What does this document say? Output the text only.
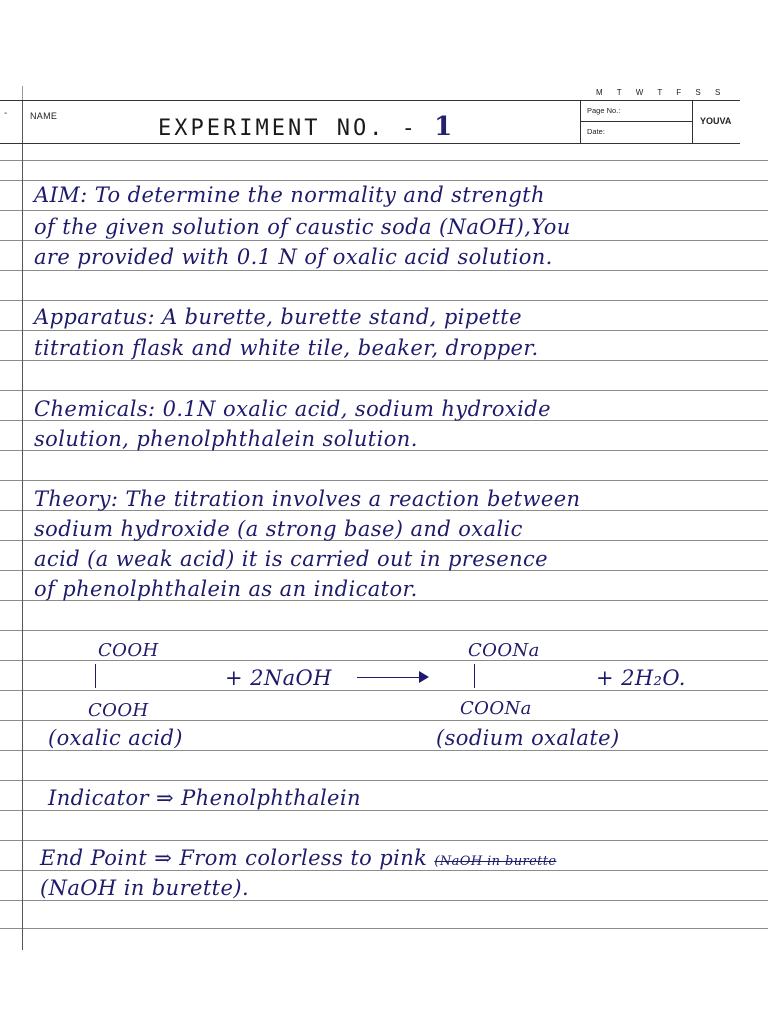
M T W T F S S
-	NAME	EXPERIMENT NO. - 1
Page No.:
Date:
YOUVA
AIM: To determine the normality and strength
of the given solution of caustic soda (NaOH),You
are provided with 0.1 N of oxalic acid solution.
Apparatus: A burette, burette stand, pipette
titration flask and white tile, beaker, dropper.
Chemicals: 0.1N oxalic acid, sodium hydroxide
solution, phenolphthalein solution.
Theory: The titration involves a reaction between
sodium hydroxide (a strong base) and oxalic
acid (a weak acid) it is carried out in presence
of phenolphthalein as an indicator.
COOH
COOH
+ 2NaOH
COONa
COONa
+ 2H₂O.
(oxalic acid)	(sodium oxalate)
Indicator ⇒ Phenolphthalein
End Point ⇒ From colorless to pink (NaOH in burette
(NaOH in burette).
